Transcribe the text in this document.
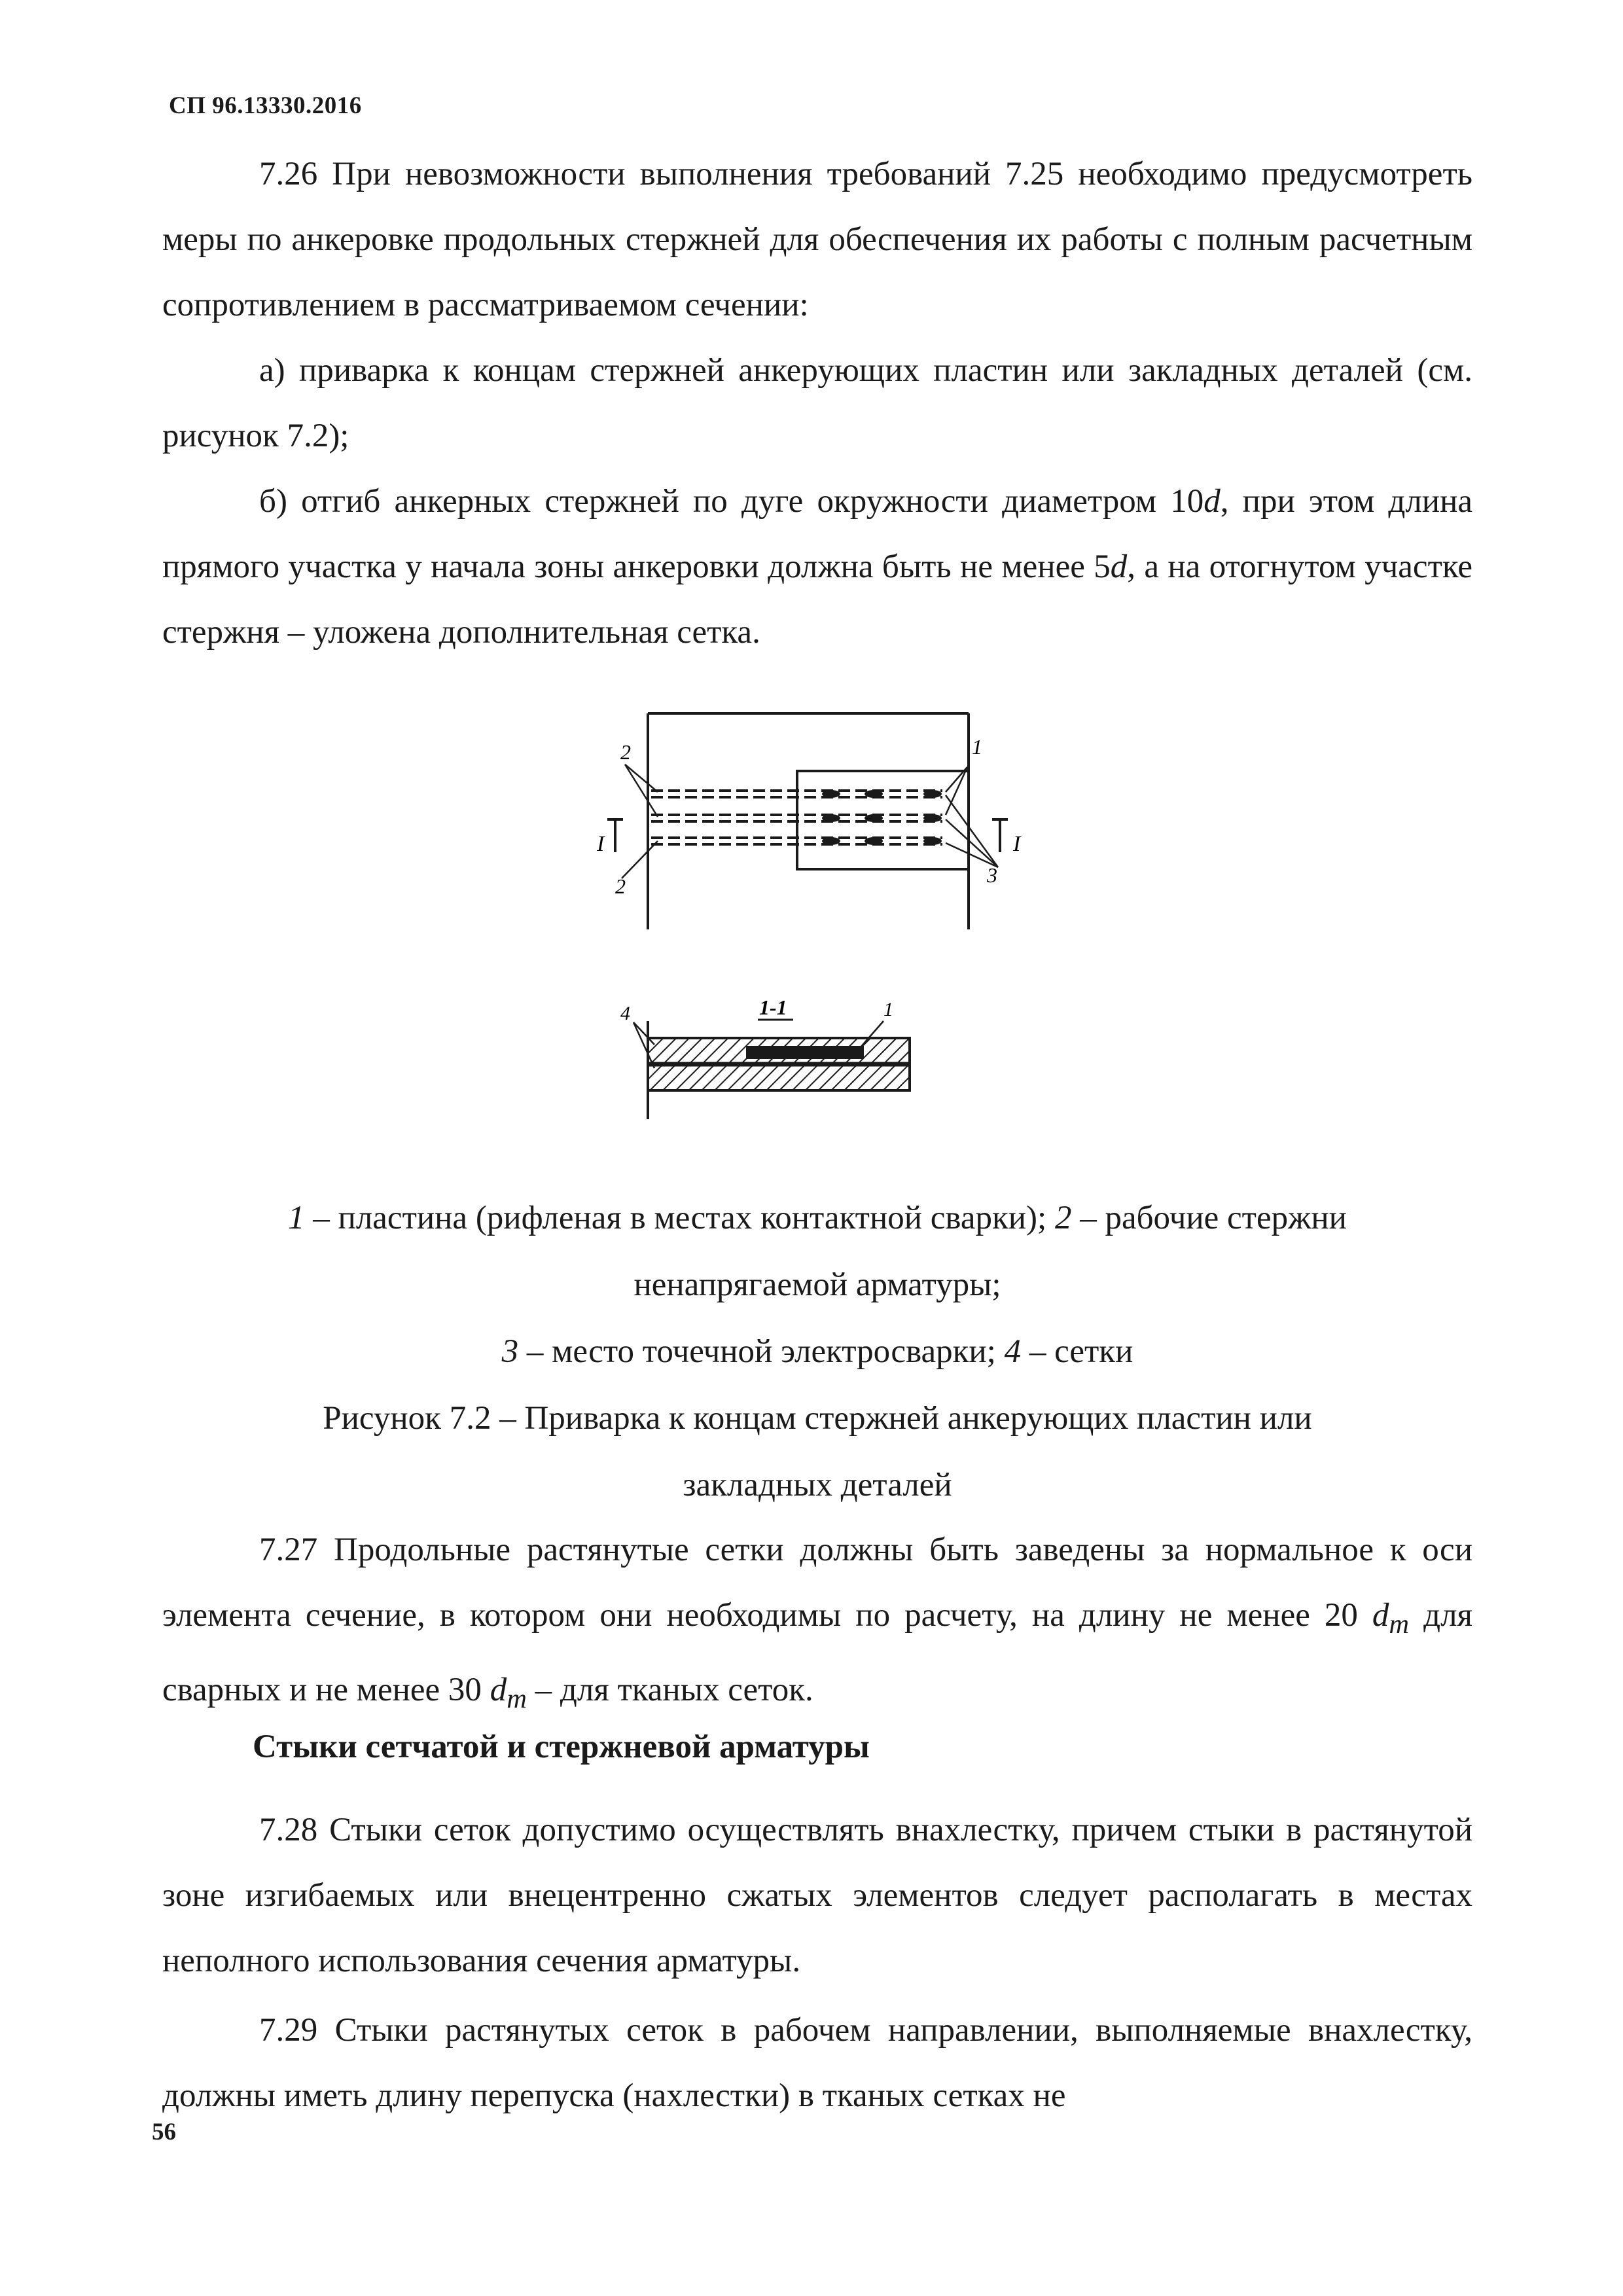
СП 96.13330.2016

7.26 При невозможности выполнения требований 7.25 необходимо предусмотреть меры по анкеровке продольных стержней для обеспечения их работы с полным расчетным сопротивлением в рассматриваемом сечении:

а) приварка к концам стержней анкерующих пластин или закладных деталей (см. рисунок 7.2);

б) отгиб анкерных стержней по дуге окружности диаметром 10d, при этом длина прямого участка у начала зоны анкеровки должна быть не менее 5d, а на отогнутом участке стержня – уложена дополнительная сетка.

2	1
2	3
I	I
1-1
4	1

1 – пластина (рифленая в местах контактной сварки); 2 – рабочие стержни

ненапрягаемой арматуры;

3 – место точечной электросварки; 4 – сетки

Рисунок 7.2 – Приварка к концам стержней анкерующих пластин или

закладных деталей

7.27 Продольные растянутые сетки должны быть заведены за нормальное к оси элемента сечение, в котором они необходимы по расчету, на длину не менее 20 $d_m$ для сварных и не менее 30 $d_m$ – для тканых сеток.

Стыки сетчатой и стержневой арматуры

7.28 Стыки сеток допустимо осуществлять внахлестку, причем стыки в растянутой зоне изгибаемых или внецентренно сжатых элементов следует располагать в местах неполного использования сечения арматуры.

7.29 Стыки растянутых сеток в рабочем направлении, выполняемые внахлестку, должны иметь длину перепуска (нахлестки) в тканых сетках не

56
